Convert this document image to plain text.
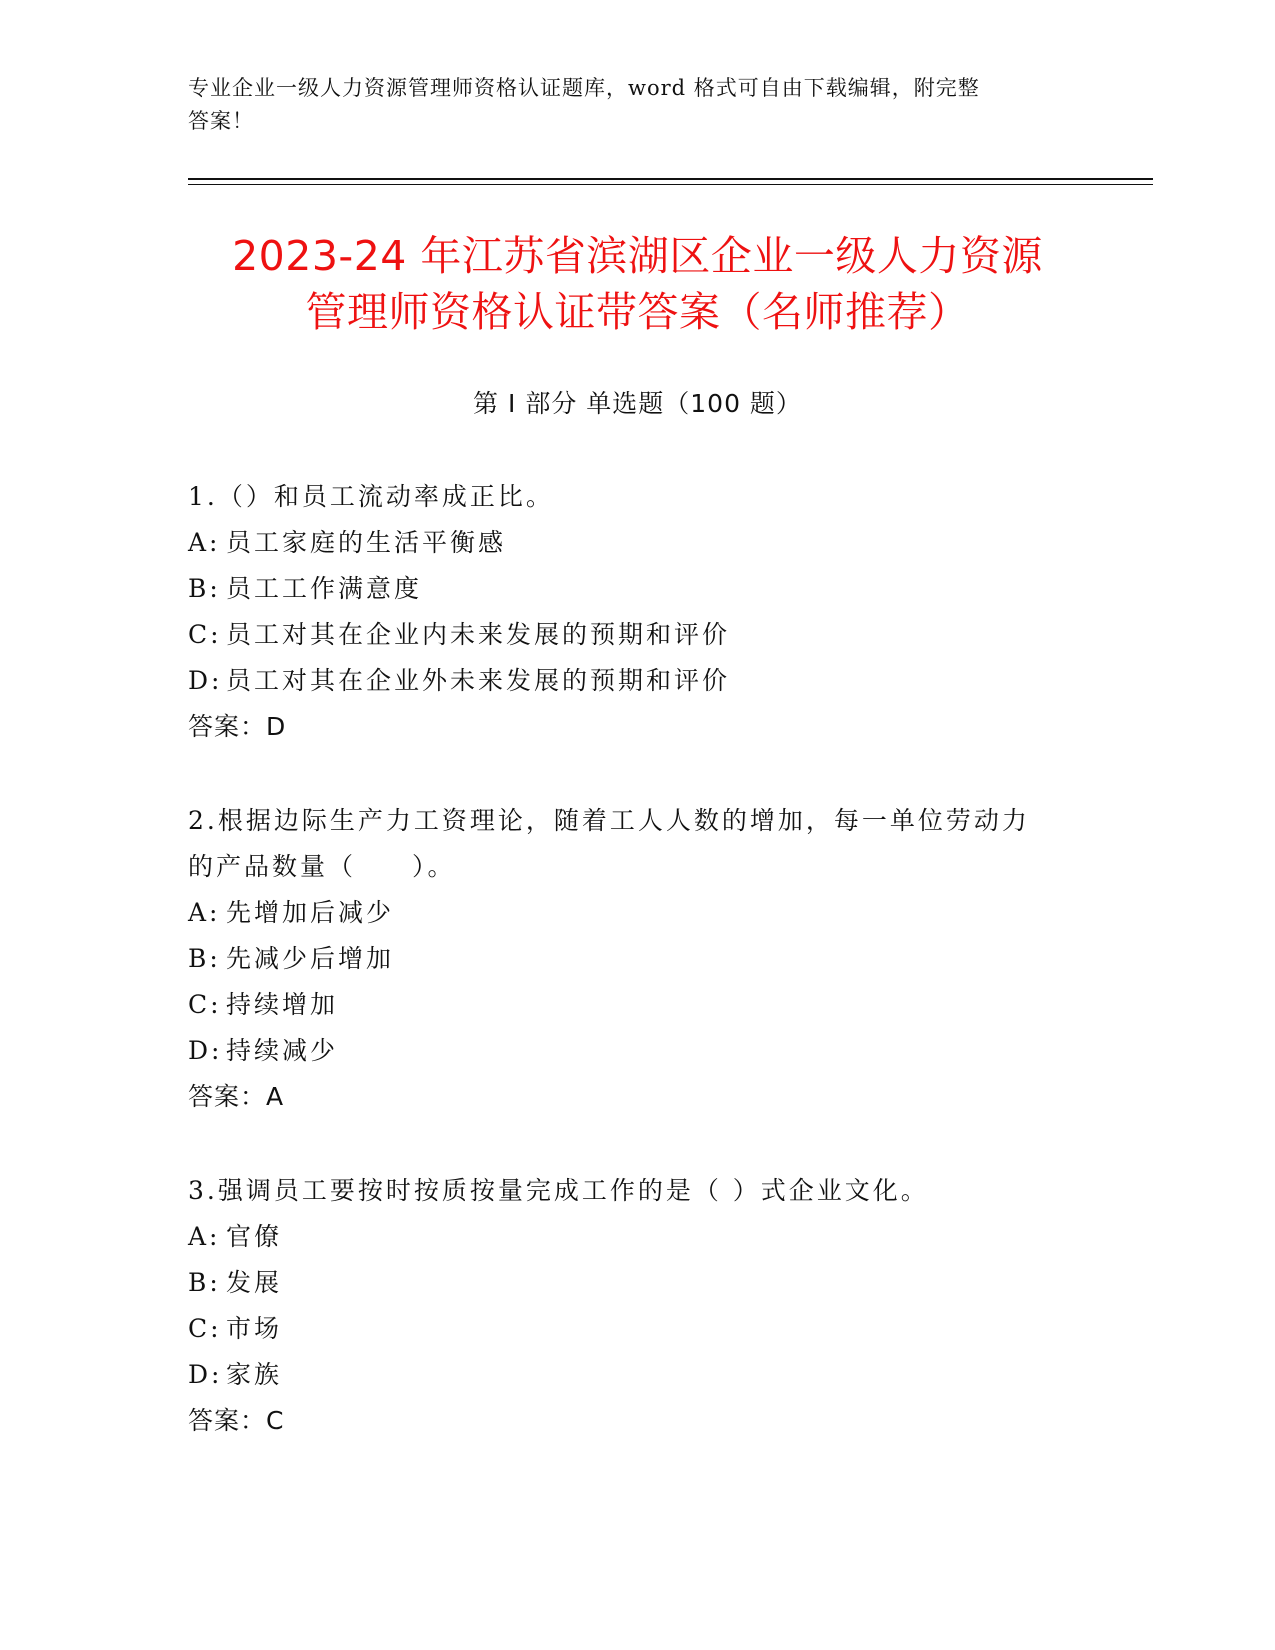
专业企业一级人力资源管理师资格认证题库，word 格式可自由下载编辑，附完整
答案！
2023-24 年江苏省滨湖区企业一级人力资源
管理师资格认证带答案（名师推荐）
第 I 部分 单选题（100 题）

1.（）和员工流动率成正比。

A: 员工家庭的生活平衡感

B: 员工工作满意度

C: 员工对其在企业内未来发展的预期和评价

D: 员工对其在企业外未来发展的预期和评价

答案：D

2.根据边际生产力工资理论，随着工人人数的增加，每一单位劳动力

的产品数量（　　）。

A: 先增加后减少

B: 先减少后增加

C: 持续增加

D: 持续减少

答案：A

3.强调员工要按时按质按量完成工作的是（ ）式企业文化。

A: 官僚

B: 发展

C: 市场

D: 家族

答案：C
